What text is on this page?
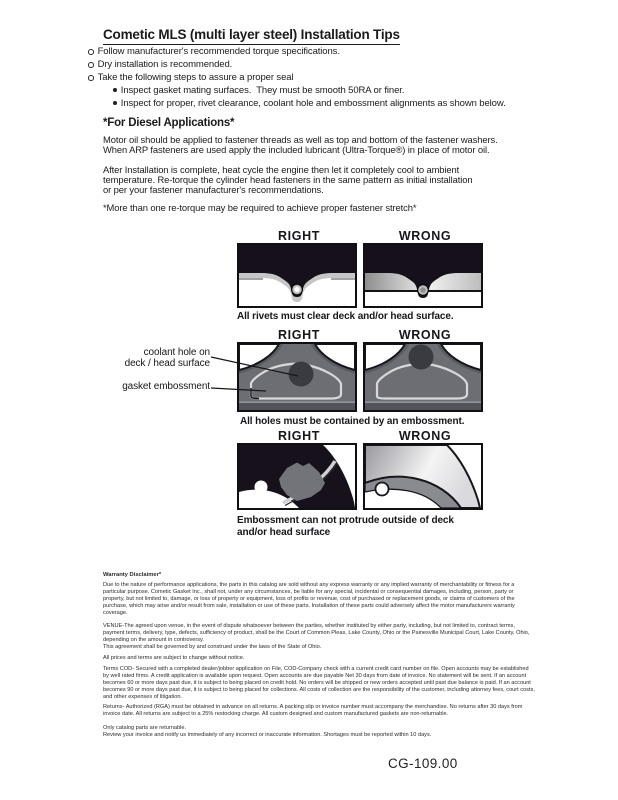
Cometic MLS (multi layer steel) Installation Tips
Follow manufacturer's recommended torque specifications.
Dry installation is recommended.
Take the following steps to assure a proper seal
Inspect gasket mating surfaces.  They must be smooth 50RA or finer.
Inspect for proper, rivet clearance, coolant hole and embossment alignments as shown below.
*For Diesel Applications*
Motor oil should be applied to fastener threads as well as top and bottom of the fastener washers.
When ARP fasteners are used apply the included lubricant (Ultra-Torque®) in place of motor oil.
After Installation is complete, heat cycle the engine then let it completely cool to ambient
temperature. Re-torque the cylinder head fasteners in the same pattern as initial installation
or per your fastener manufacturer's recommendations.
*More than one re-torque may be required to achieve proper fastener stretch*
RIGHT	WRONG
All rivets must clear deck and/or head surface.
RIGHT	WRONG
coolant hole on
deck / head surface
gasket embossment
All holes must be contained by an embossment.
RIGHT	WRONG
Embossment can not protrude outside of deck
and/or head surface
Warranty Disclaimer*
Due to the nature of performance applications, the parts in this catalog are sold without any express warranty or any implied warranty of merchantability or fitness for a particular purpose. Cometic Gasket Inc., shall not, under any circumstances, be liable for any special, incidental or consequential damages, including, person, party or property, but not limited to, damage, or loss of property or equipment, loss of profits or revenue, cost of purchased or replacement goods, or claims of customers of the purchase, which may arise and/or result from sale, installation or use of these parts. Installation of these parts could adversely affect the motor manufacturers warranty coverage.
VENUE-The agreed upon venue, in the event of dispute whatsoever between the parties, whether instituted by either party, including, but not limited to, contract terms, payment terms, delivery, type, defects, sufficiency of product, shall be the Court of Common Pleas, Lake County, Ohio or the Painesville Municipal Court, Lake County, Ohio, depending on the amount in controversy.
This agreement shall be governed by and construed under the laws of the State of Ohio.
All prices and terms are subject to change without notice.
Terms COD- Secured with a completed dealer/jobber application on File, COD-Company check with a current credit card number on file. Open accounts may be established by well rated firms. A credit application is available upon request. Open accounts are due payable Net 30 days from date of invoice. No statement will be sent. If an account becomes 60 or more days past due, it is subject to being placed on credit hold. No orders will be shipped or new orders accepted until past due balance is paid. If an account becomes 90 or more days past due, it is subject to being placed for collections. All costs of collection are the responsibility of the customer, including attorney fees, court costs, and other expenses of litigation.
Returns- Authorized (RGA) must be obtained in advance on all returns. A packing slip or invoice number must accompany the merchandise. No returns after 30 days from invoice date. All returns are subject to a 25% restocking charge. All custom designed and custom manufactured gaskets are non-returnable.
Only catalog parts are returnable.
Review your invoice and notify us immediately of any incorrect or inaccurate information. Shortages must be reported within 10 days.
CG-109.00
